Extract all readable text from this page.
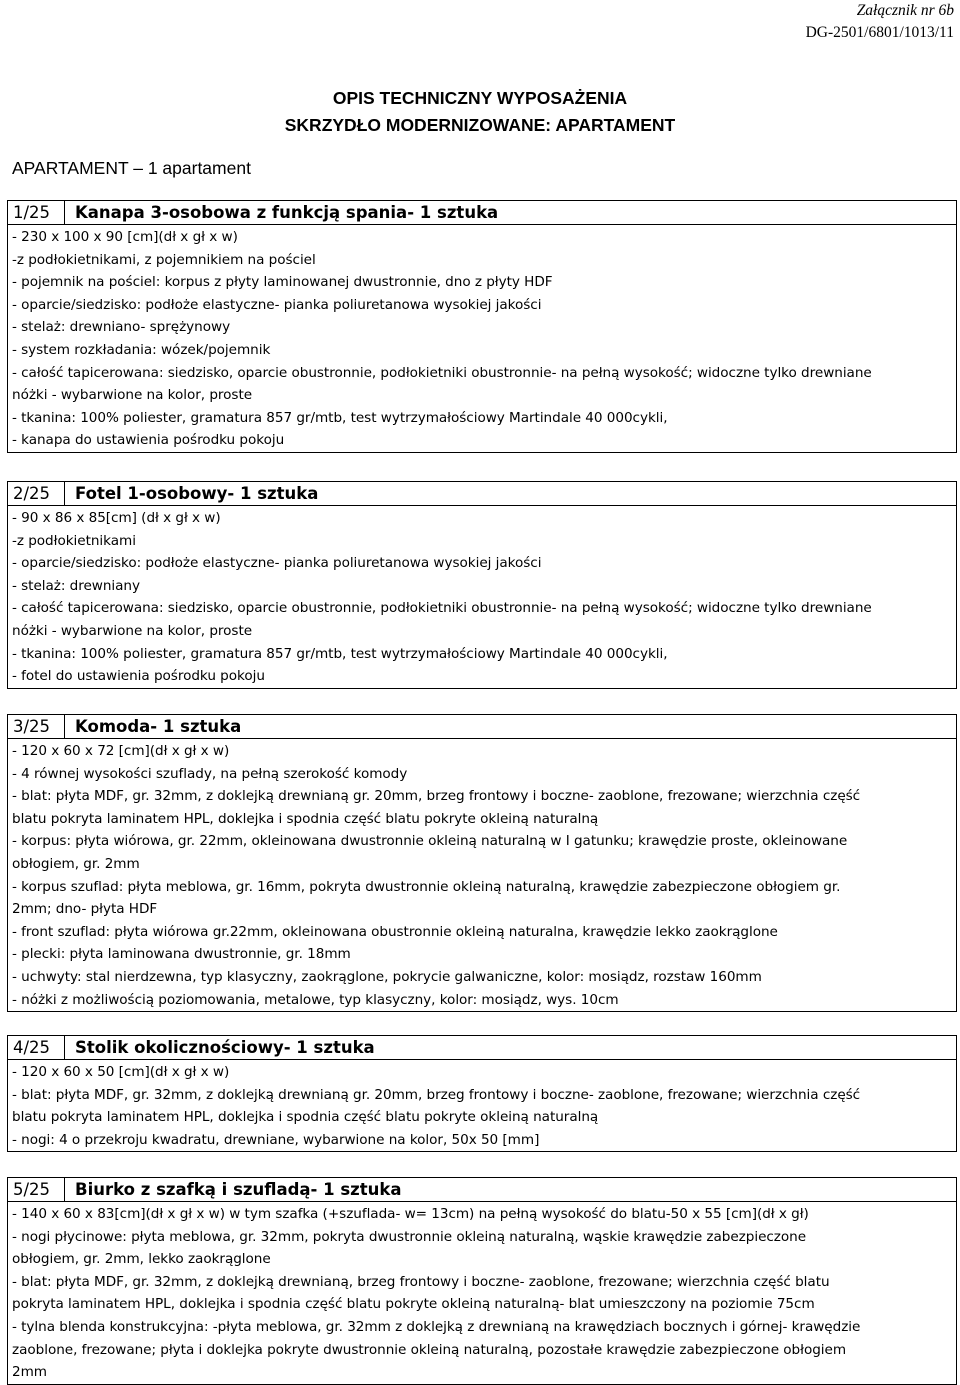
Załącznik nr 6b
DG-2501/6801/1013/11
OPIS TECHNICZNY WYPOSAŻENIA
SKRZYDŁO MODERNIZOWANE: APARTAMENT
APARTAMENT – 1 apartament
1/25	Kanapa 3-osobowa z funkcją spania- 1 sztuka
- 230 x 100 x 90 [cm](dł x gł x w)
-z podłokietnikami, z pojemnikiem na pościel
- pojemnik na pościel: korpus z płyty laminowanej dwustronnie, dno z płyty HDF
- oparcie/siedzisko: podłoże elastyczne- pianka poliuretanowa wysokiej jakości
- stelaż: drewniano- sprężynowy
- system rozkładania: wózek/pojemnik
- całość tapicerowana: siedzisko, oparcie obustronnie, podłokietniki obustronnie- na pełną wysokość; widoczne tylko drewniane
nóżki - wybarwione na kolor, proste
- tkanina: 100% poliester, gramatura 857 gr/mtb, test wytrzymałościowy Martindale 40 000cykli,
- kanapa do ustawienia pośrodku pokoju
2/25	Fotel 1-osobowy- 1 sztuka
- 90 x 86 x 85[cm] (dł x gł x w)
-z podłokietnikami
- oparcie/siedzisko: podłoże elastyczne- pianka poliuretanowa wysokiej jakości
- stelaż: drewniany
- całość tapicerowana: siedzisko, oparcie obustronnie, podłokietniki obustronnie- na pełną wysokość; widoczne tylko drewniane
nóżki - wybarwione na kolor, proste
- tkanina: 100% poliester, gramatura 857 gr/mtb, test wytrzymałościowy Martindale 40 000cykli,
- fotel do ustawienia pośrodku pokoju
3/25	Komoda- 1 sztuka
- 120 x 60 x 72 [cm](dł x gł x w)
- 4 równej wysokości szuflady, na pełną szerokość komody
- blat: płyta MDF, gr. 32mm, z doklejką drewnianą gr. 20mm, brzeg frontowy i boczne- zaoblone, frezowane; wierzchnia część
blatu pokryta laminatem HPL, doklejka i spodnia część blatu pokryte okleiną naturalną
- korpus: płyta wiórowa, gr. 22mm, okleinowana dwustronnie okleiną naturalną w I gatunku; krawędzie proste, okleinowane
obłogiem, gr. 2mm
- korpus szuflad: płyta meblowa, gr. 16mm, pokryta dwustronnie okleiną naturalną, krawędzie zabezpieczone obłogiem gr.
2mm; dno- płyta HDF
- front szuflad: płyta wiórowa gr.22mm, okleinowana obustronnie okleiną naturalna, krawędzie lekko zaokrąglone
- plecki: płyta laminowana dwustronnie, gr. 18mm
- uchwyty: stal nierdzewna, typ klasyczny, zaokrąglone, pokrycie galwaniczne, kolor: mosiądz, rozstaw 160mm
- nóżki z możliwością poziomowania, metalowe, typ klasyczny, kolor: mosiądz, wys. 10cm
4/25	Stolik okolicznościowy- 1 sztuka
- 120 x 60 x 50 [cm](dł x gł x w)
- blat: płyta MDF, gr. 32mm, z doklejką drewnianą gr. 20mm, brzeg frontowy i boczne- zaoblone, frezowane; wierzchnia część
blatu pokryta laminatem HPL, doklejka i spodnia część blatu pokryte okleiną naturalną
- nogi: 4 o przekroju kwadratu, drewniane, wybarwione na kolor, 50x 50 [mm]
5/25	Biurko z szafką i szufladą- 1 sztuka
- 140 x 60 x 83[cm](dł x gł x w) w tym szafka (+szuflada- w= 13cm) na pełną wysokość do blatu-50 x 55 [cm](dł x gł)
- nogi płycinowe: płyta meblowa, gr. 32mm, pokryta dwustronnie okleiną naturalną, wąskie krawędzie zabezpieczone
obłogiem, gr. 2mm, lekko zaokrąglone
- blat: płyta MDF, gr. 32mm, z doklejką drewnianą, brzeg frontowy i boczne- zaoblone, frezowane; wierzchnia część blatu
pokryta laminatem HPL, doklejka i spodnia część blatu pokryte okleiną naturalną- blat umieszczony na poziomie 75cm
- tylna blenda konstrukcyjna: -płyta meblowa, gr. 32mm z doklejką z drewnianą na krawędziach bocznych i górnej- krawędzie
zaoblone, frezowane; płyta i doklejka pokryte dwustronnie okleiną naturalną, pozostałe krawędzie zabezpieczone obłogiem
2mm
